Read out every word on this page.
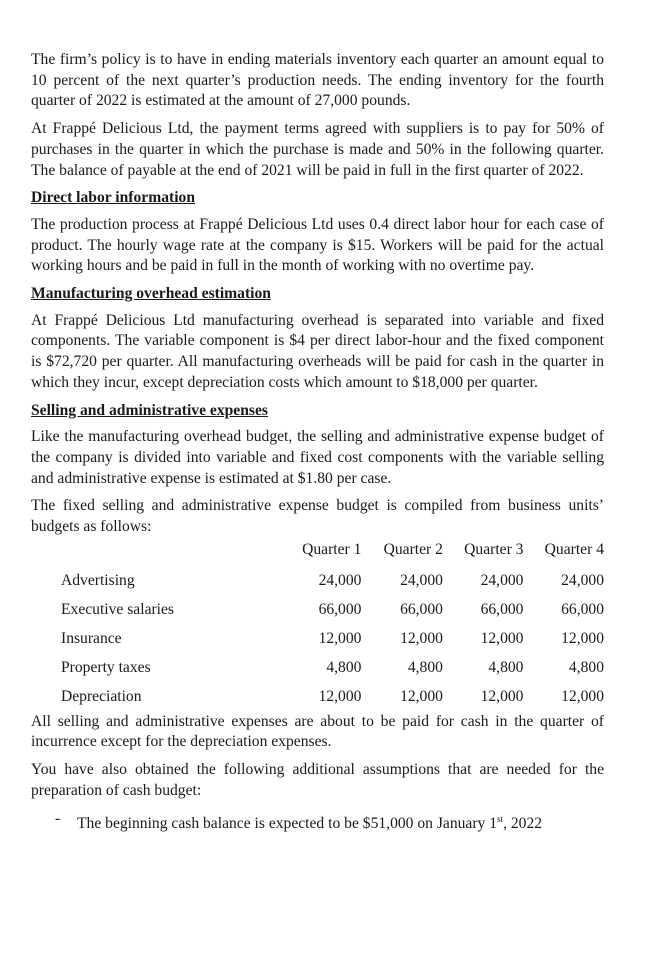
The firm’s policy is to have in ending materials inventory each quarter an amount equal to 10 percent of the next quarter’s production needs. The ending inventory for the fourth quarter of 2022 is estimated at the amount of 27,000 pounds.

At Frappé Delicious Ltd, the payment terms agreed with suppliers is to pay for 50% of purchases in the quarter in which the purchase is made and 50% in the following quarter. The balance of payable at the end of 2021 will be paid in full in the first quarter of 2022.

Direct labor information

The production process at Frappé Delicious Ltd uses 0.4 direct labor hour for each case of product. The hourly wage rate at the company is $15. Workers will be paid for the actual working hours and be paid in full in the month of working with no overtime pay.

Manufacturing overhead estimation

At Frappé Delicious Ltd manufacturing overhead is separated into variable and fixed components. The variable component is $4 per direct labor-hour and the fixed component is $72,720 per quarter. All manufacturing overheads will be paid for cash in the quarter in which they incur, except depreciation costs which amount to $18,000 per quarter.

Selling and administrative expenses

Like the manufacturing overhead budget, the selling and administrative expense budget of the company is divided into variable and fixed cost components with the variable selling and administrative expense is estimated at $1.80 per case.

The fixed selling and administrative expense budget is compiled from business units’ budgets as follows:

	Quarter 1	Quarter 2	Quarter 3	Quarter 4
Advertising	24,000	24,000	24,000	24,000
Executive salaries	66,000	66,000	66,000	66,000
Insurance	12,000	12,000	12,000	12,000
Property taxes	4,800	4,800	4,800	4,800
Depreciation	12,000	12,000	12,000	12,000

All selling and administrative expenses are about to be paid for cash in the quarter of incurrence except for the depreciation expenses.

You have also obtained the following additional assumptions that are needed for the preparation of cash budget:

- The beginning cash balance is expected to be $51,000 on January 1st, 2022
